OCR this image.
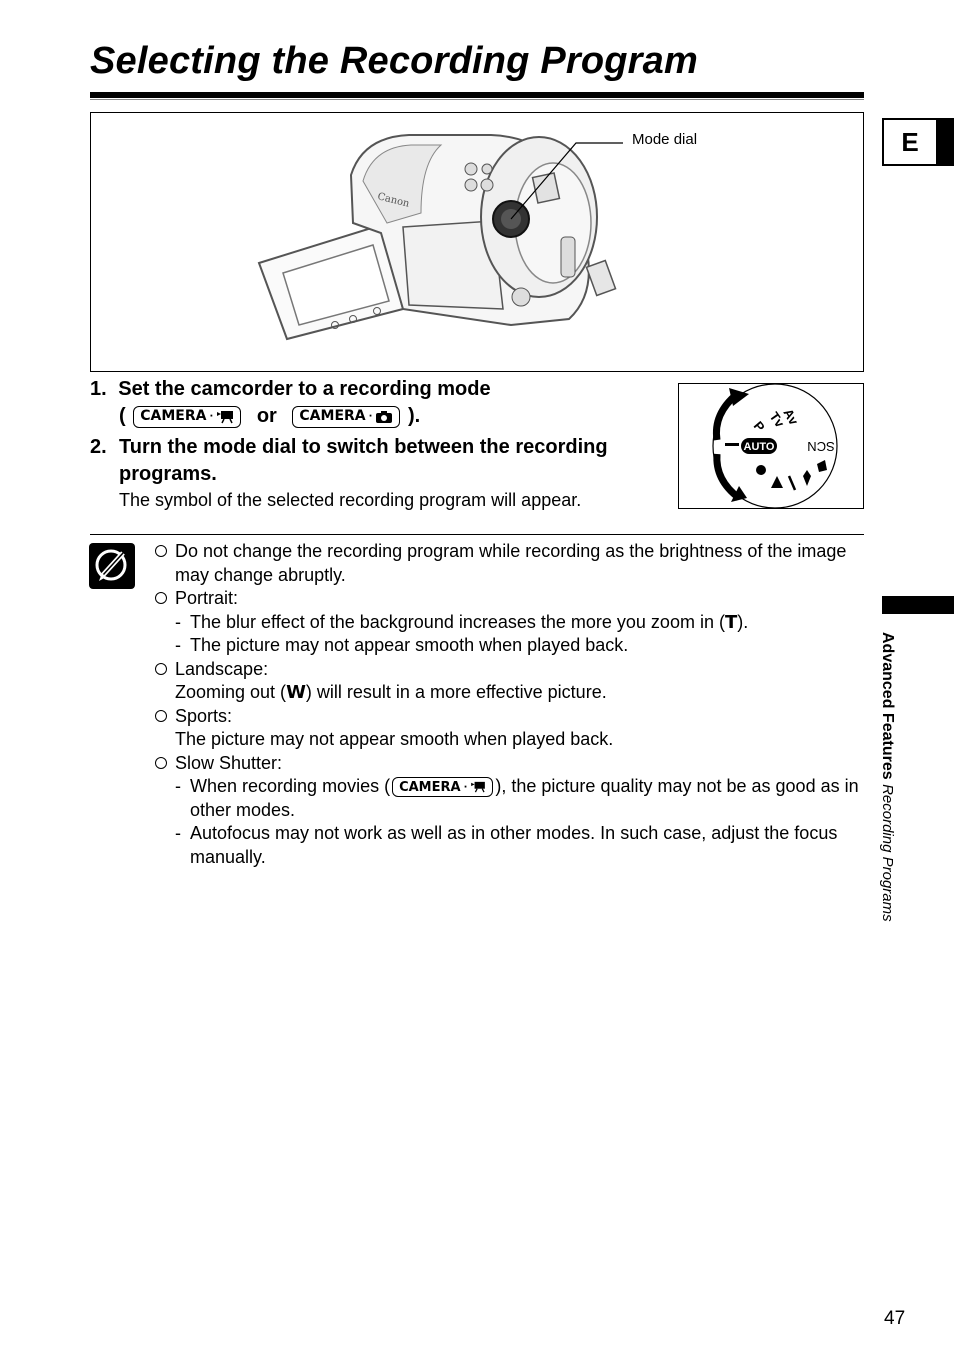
Selecting the Recording Program
Canon
Mode dial	E
1. Set the camcorder to a recording mode
( CAMERA · or CAMERA · ).
2. Turn the mode dial to switch between the recording programs.
The symbol of the selected recording program will appear.
Av
Tv
P
AUTO	SCN
Do not change the recording program while recording as the brightness of the image may change abruptly.
Portrait:
- The blur effect of the background increases the more you zoom in (T).
- The picture may not appear smooth when played back.
Landscape:
Zooming out (W) will result in a more effective picture.
Sports:
The picture may not appear smooth when played back.
Slow Shutter:
- When recording movies ( CAMERA · ), the picture quality may not be as good as in other modes.
- Autofocus may not work as well as in other modes. In such case, adjust the focus manually.
Advanced Features Recording Programs
47
